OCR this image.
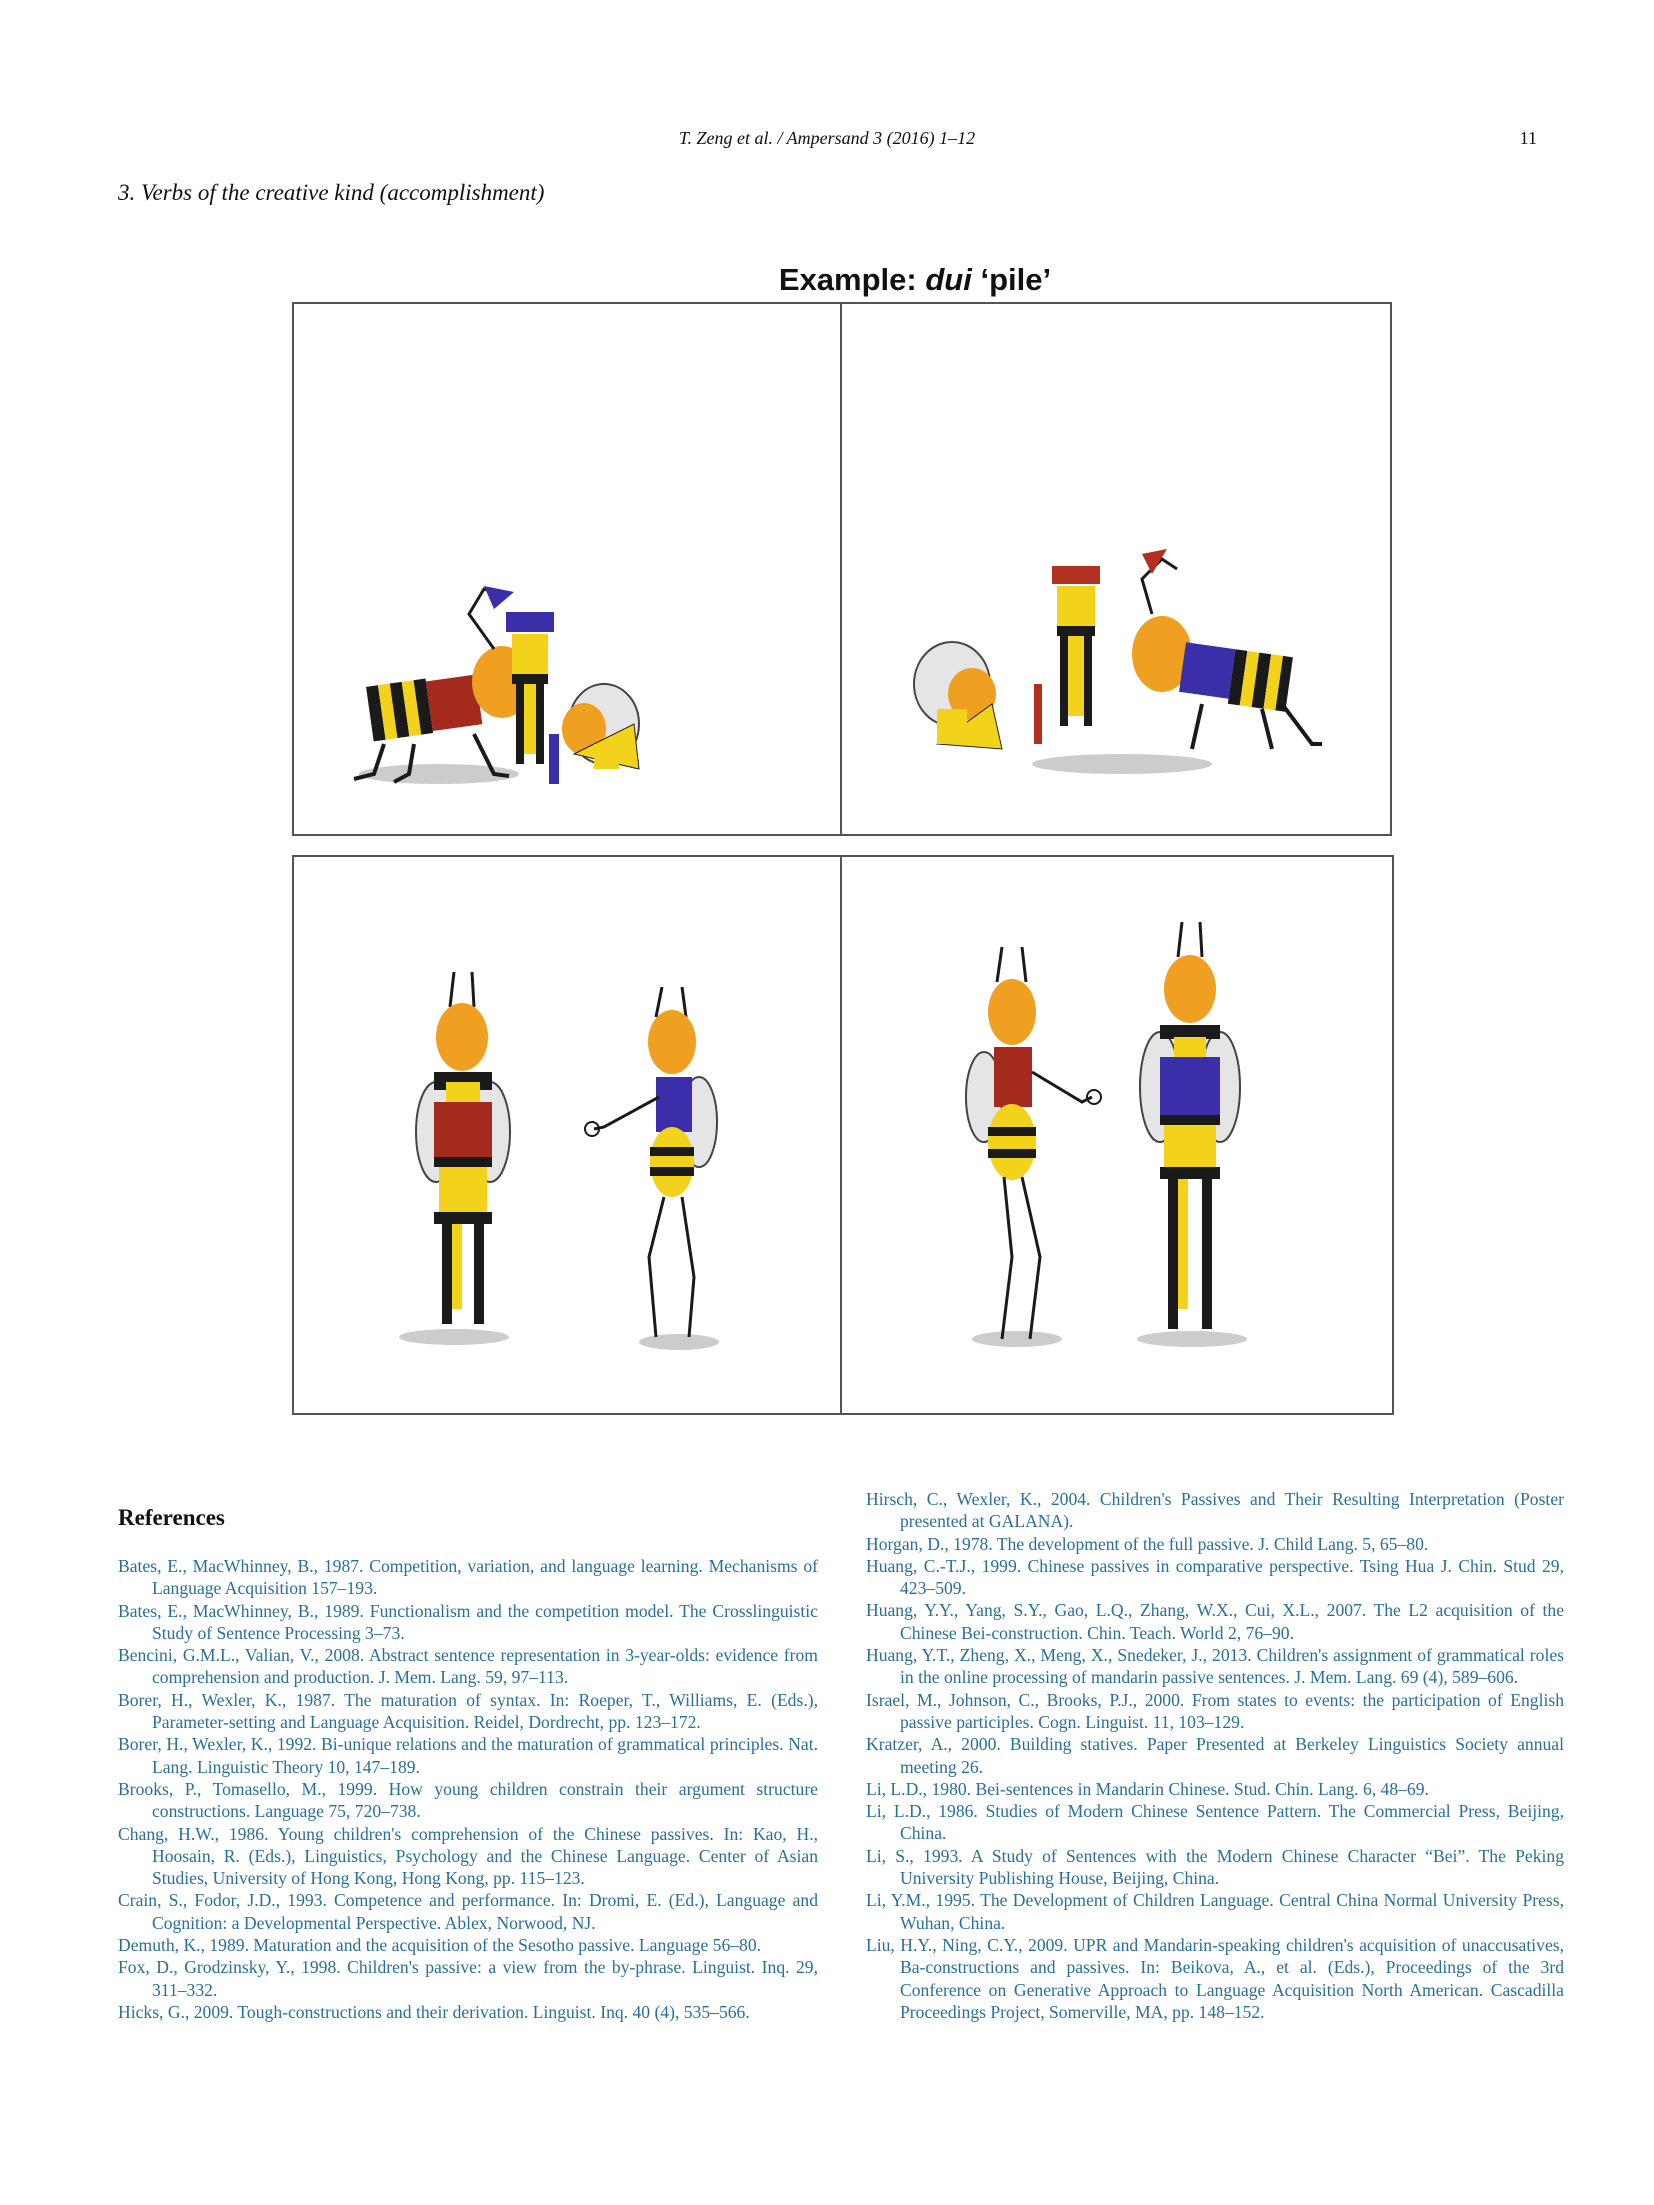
T. Zeng et al. / Ampersand 3 (2016) 1–12	11
3. Verbs of the creative kind (accomplishment)
Example: dui ‘pile’
References

Bates, E., MacWhinney, B., 1987. Competition, variation, and language learning. Mechanisms of Language Acquisition 157–193.

Bates, E., MacWhinney, B., 1989. Functionalism and the competition model. The Crosslinguistic Study of Sentence Processing 3–73.

Bencini, G.M.L., Valian, V., 2008. Abstract sentence representation in 3-year-olds: evidence from comprehension and production. J. Mem. Lang. 59, 97–113.

Borer, H., Wexler, K., 1987. The maturation of syntax. In: Roeper, T., Williams, E. (Eds.), Parameter-setting and Language Acquisition. Reidel, Dordrecht, pp. 123–172.

Borer, H., Wexler, K., 1992. Bi-unique relations and the maturation of grammatical principles. Nat. Lang. Linguistic Theory 10, 147–189.

Brooks, P., Tomasello, M., 1999. How young children constrain their argument structure constructions. Language 75, 720–738.

Chang, H.W., 1986. Young children's comprehension of the Chinese passives. In: Kao, H., Hoosain, R. (Eds.), Linguistics, Psychology and the Chinese Language. Center of Asian Studies, University of Hong Kong, Hong Kong, pp. 115–123.

Crain, S., Fodor, J.D., 1993. Competence and performance. In: Dromi, E. (Ed.), Language and Cognition: a Developmental Perspective. Ablex, Norwood, NJ.

Demuth, K., 1989. Maturation and the acquisition of the Sesotho passive. Language 56–80.

Fox, D., Grodzinsky, Y., 1998. Children's passive: a view from the by-phrase. Linguist. Inq. 29, 311–332.

Hicks, G., 2009. Tough-constructions and their derivation. Linguist. Inq. 40 (4), 535–566.

Hirsch, C., Wexler, K., 2004. Children's Passives and Their Resulting Interpretation (Poster presented at GALANA).

Horgan, D., 1978. The development of the full passive. J. Child Lang. 5, 65–80.

Huang, C.-T.J., 1999. Chinese passives in comparative perspective. Tsing Hua J. Chin. Stud 29, 423–509.

Huang, Y.Y., Yang, S.Y., Gao, L.Q., Zhang, W.X., Cui, X.L., 2007. The L2 acquisition of the Chinese Bei-construction. Chin. Teach. World 2, 76–90.

Huang, Y.T., Zheng, X., Meng, X., Snedeker, J., 2013. Children's assignment of grammatical roles in the online processing of mandarin passive sentences. J. Mem. Lang. 69 (4), 589–606.

Israel, M., Johnson, C., Brooks, P.J., 2000. From states to events: the participation of English passive participles. Cogn. Linguist. 11, 103–129.

Kratzer, A., 2000. Building statives. Paper Presented at Berkeley Linguistics Society annual meeting 26.

Li, L.D., 1980. Bei-sentences in Mandarin Chinese. Stud. Chin. Lang. 6, 48–69.

Li, L.D., 1986. Studies of Modern Chinese Sentence Pattern. The Commercial Press, Beijing, China.

Li, S., 1993. A Study of Sentences with the Modern Chinese Character “Bei”. The Peking University Publishing House, Beijing, China.

Li, Y.M., 1995. The Development of Children Language. Central China Normal University Press, Wuhan, China.

Liu, H.Y., Ning, C.Y., 2009. UPR and Mandarin-speaking children's acquisition of unaccusatives, Ba-constructions and passives. In: Beikova, A., et al. (Eds.), Proceedings of the 3rd Conference on Generative Approach to Language Acquisition North American. Cascadilla Proceedings Project, Somerville, MA, pp. 148–152.
